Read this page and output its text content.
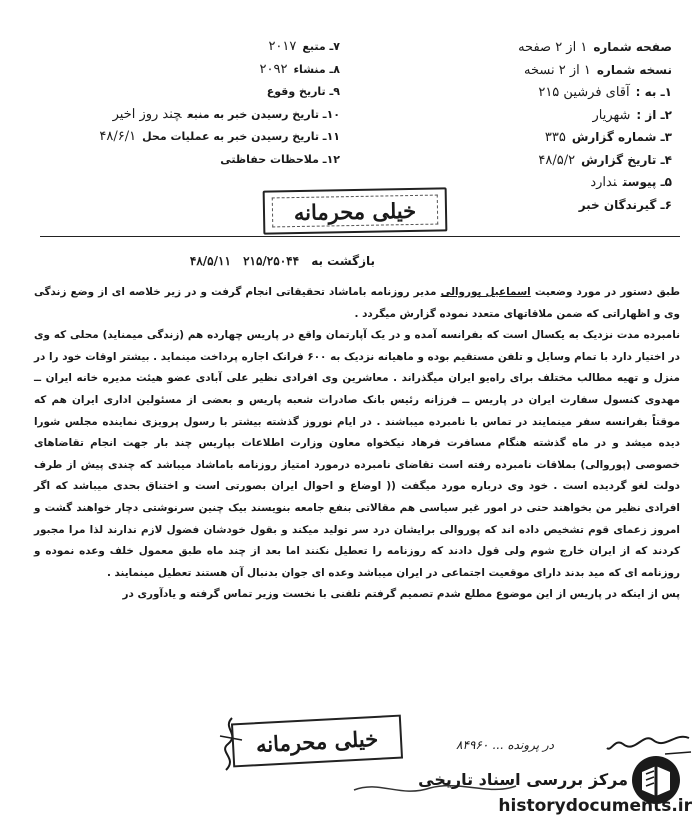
صفحه شماره۱ از ۲ صفحه
نسخه شماره۱ از ۲ نسخه
۱ـ به :آقای فرشین ۲۱۵
۲ـ از :شهریار
۳ـ شماره گزارش۳۳۵
۴ـ تاریخ گزارش۴۸/۵/۲
۵ـ پیوستندارد
۶ـ گیرندگان خبر
۷ـ متبع۲۰۱۷
۸ـ منشاء۲۰۹۲
۹ـ تاریخ وقوع
۱۰ـ تاریخ رسیدن خبر به منبعچند روز اخیر
۱۱ـ تاریخ رسیدن خبر به عملیات محل۴۸/۶/۱
۱۲ـ ملاحظات حفاظتی
خیلی محرمانه
بازگشت به ۲۱۵/۲۵۰۴۴ ۴۸/۵/۱۱

طبق دستور در مورد وضعیت اسماعیل پوروالی مدیر روزنامه باماشاد تحقیقاتی انجام گرفت و در زیر خلاصه ای از وضع زندگی وی و اظهاراتی که ضمن ملاقاتهای متعدد نموده گزارش میگردد .

نامبرده مدت نزدیک به یکسال است که بفرانسه آمده و در یک آپارتمان واقع در پاریس چهارده هم (زندگی میمناید) محلی که وی در اختیار دارد با تمام وسایل و تلفن مستقیم بوده و ماهیانه نزدیک به ۶۰۰ فرانک اجاره پرداخت مینماید . بیشتر اوقات خود را در منزل و تهیه مطالب مختلف برای راه‌یو ایران میگذراند . معاشرین وی افرادی نظیر علی آبادی عضو هیئت مدیره خانه ایران ــ مهدوی کنسول سفارت ایران در پاریس ــ فرزانه رئیس بانک صادرات شعبه پاریس و بعضی از مسئولین اداری ایران هم که موقتاً بفرانسه سفر مینمایند در تماس با نامبرده میباشند . در ایام نوروز گذشته بیشتر با رسول پرویزی نماینده مجلس شورا دیده میشد و در ماه گذشته هنگام مسافرت فرهاد نیکخواه معاون وزارت اطلاعات بپاریس چند بار جهت انجام تقاضاهای خصوصی (پوروالی) بملاقات نامبرده رفته است تقاضای نامبرده درمورد امتیاز روزنامه باماشاد میباشد که چندی پیش از طرف دولت لغو گردیده است . خود وی درباره مورد میگفت (( اوضاع و احوال ایران بصورتی است و اختناق بحدی میباشد که اگر افرادی نظیر من بخواهند حتی در امور غیر سیاسی هم مقالاتی بنفع جامعه بنویسند بیک چنین سرنوشتی دچار خواهند گشت و امروز زعمای قوم تشخیص داده اند که پوروالی برایشان درد سر تولید میکند و بقول خودشان فضول لازم ندارند لذا مرا مجبور کردند که از ایران خارج شوم ولی قول دادند که روزنامه را تعطیل نکنند اما بعد از چند ماه طبق معمول خلف وعده نموده و روزنامه ای که مید بدند دارای موقعیت اجتماعی در ایران میباشد وعده ای جوان بدنبال آن هستند تعطیل مینمایند .

پس از اینکه در پاریس از این موضوع مطلع شدم تصمیم گرفتم تلفنی با نخست وزیر تماس گرفته و یادآوری در

خیلی محرمانه	در پرونده ... ۸۴۹۶۰
مرکز بررسی اسناد تاریخی
historydocuments.ir
